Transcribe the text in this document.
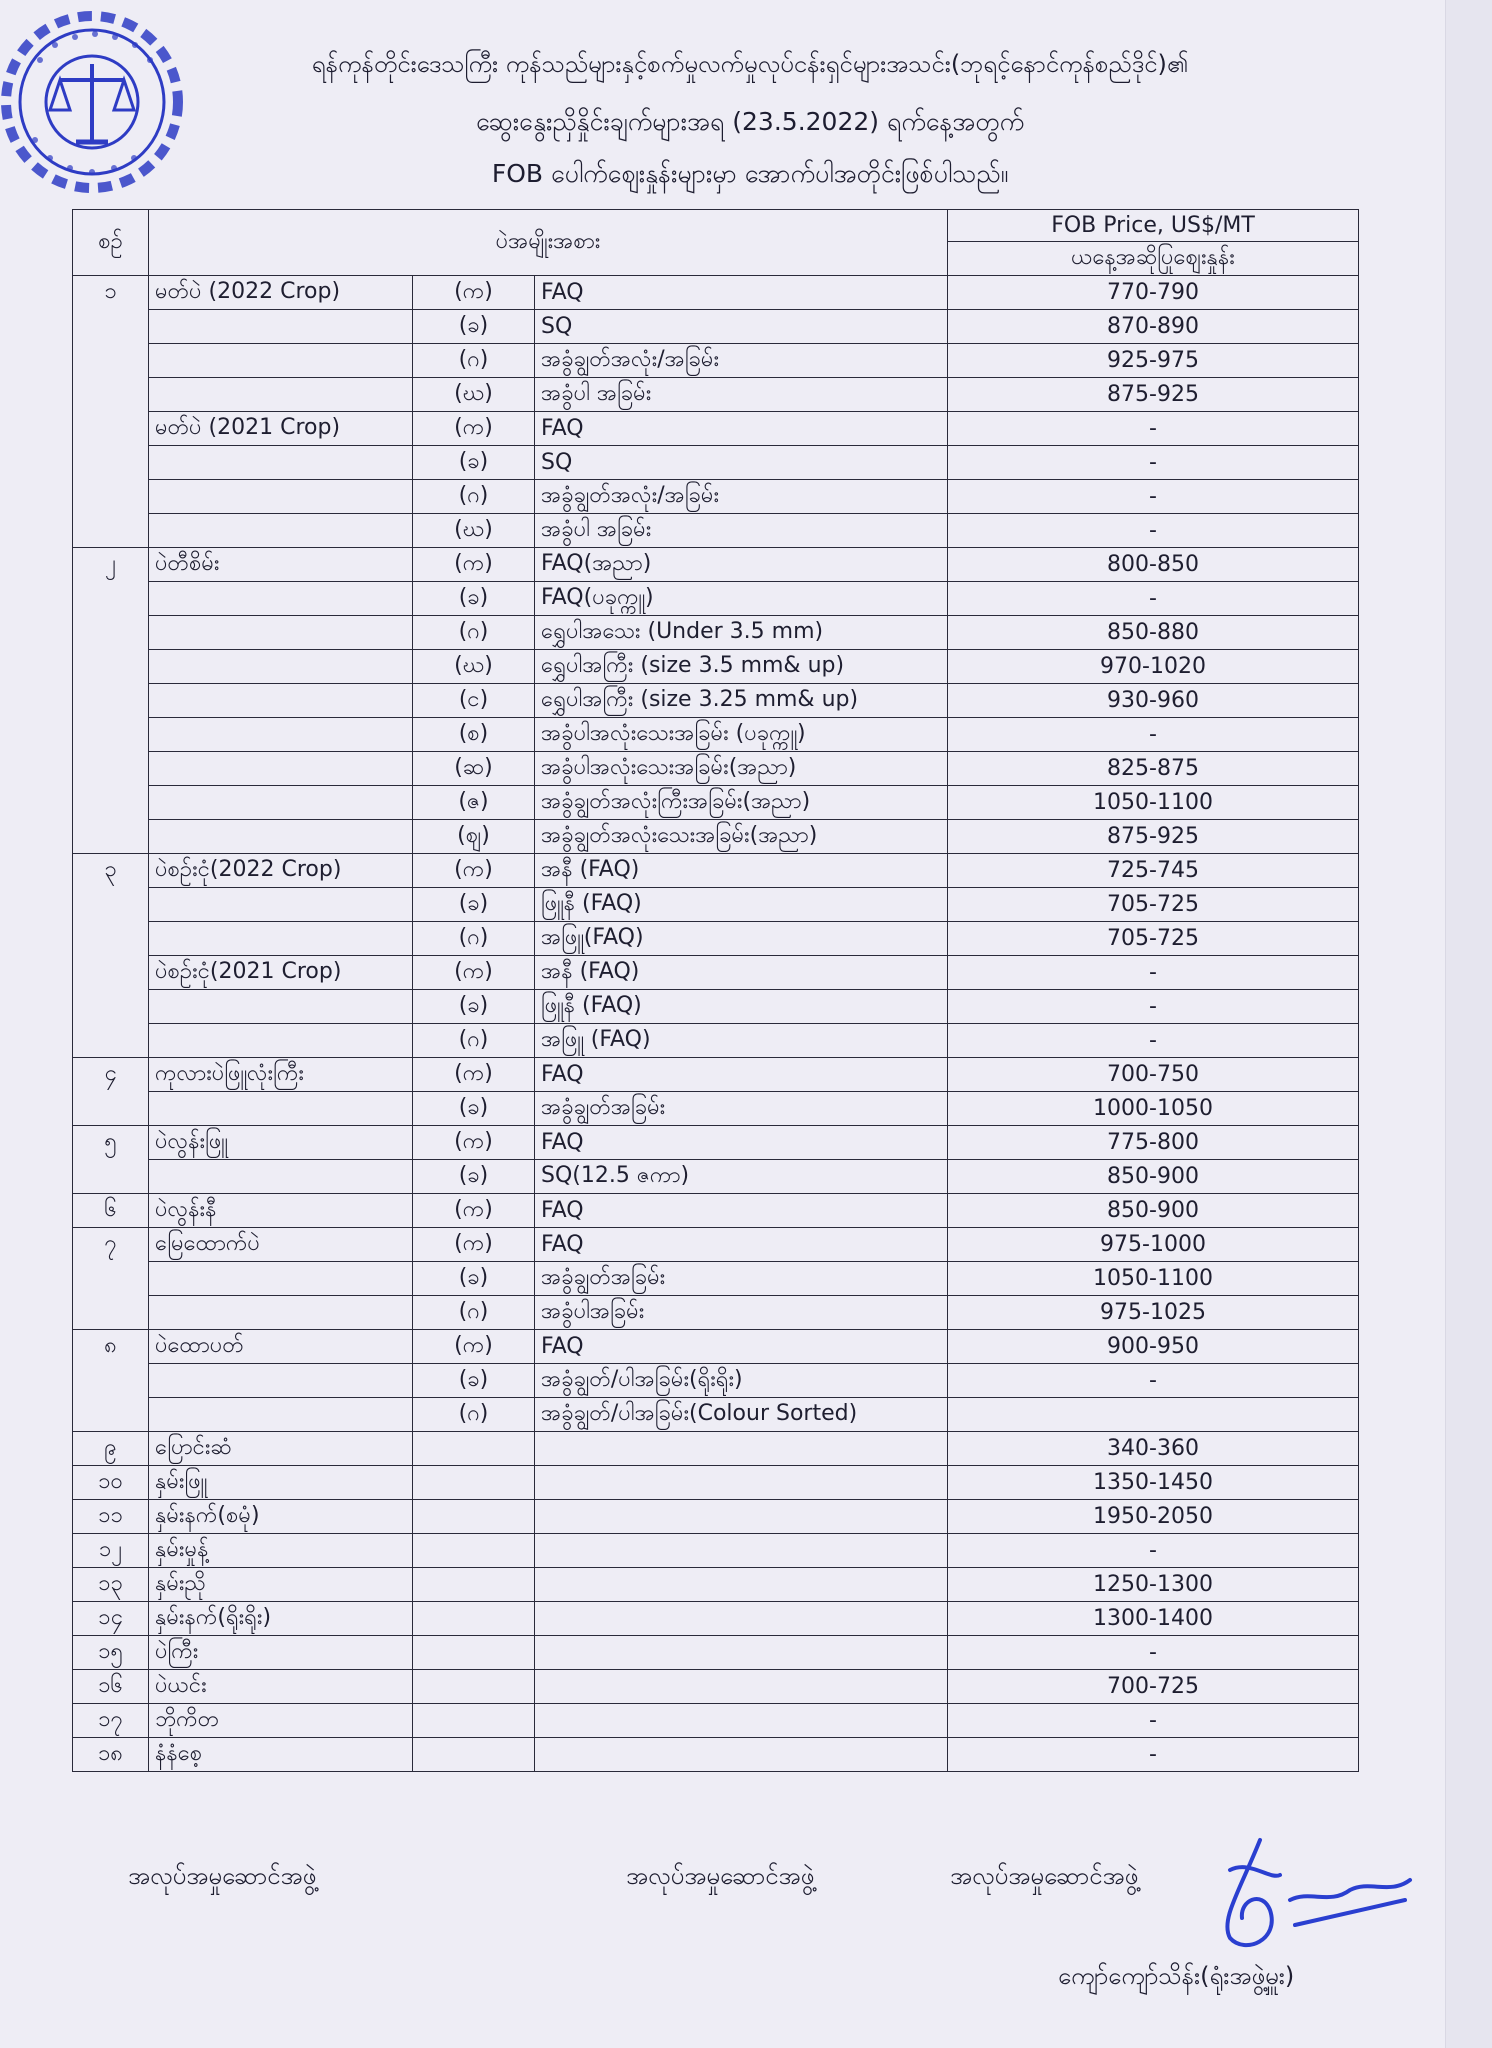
ရန်ကုန်တိုင်းဒေသကြီး ကုန်သည်များနှင့်စက်မှုလက်မှုလုပ်ငန်းရှင်များအသင်း(ဘုရင့်နောင်ကုန်စည်ဒိုင်)၏
ဆွေးနွေးညှိနှိုင်းချက်များအရ (23.5.2022) ရက်နေ့အတွက်
FOB ပေါက်ဈေးနှုန်းများမှာ အောက်ပါအတိုင်းဖြစ်ပါသည်။
စဉ်	ပဲအမျိုးအစား			FOB Price, US$/MT
				ယနေ့အဆိုပြုဈေးနှုန်း
၁	မတ်ပဲ (2022 Crop)	(က)	FAQ	770-790
		(ခ)	SQ	870-890
		(ဂ)	အခွံချွတ်အလုံး/အခြမ်း	925-975
		(ဃ)	အခွံပါ အခြမ်း	875-925
	မတ်ပဲ (2021 Crop)	(က)	FAQ	-
		(ခ)	SQ	-
		(ဂ)	အခွံချွတ်အလုံး/အခြမ်း	-
		(ဃ)	အခွံပါ အခြမ်း	-
၂	ပဲတီစိမ်း	(က)	FAQ(အညာ)	800-850
		(ခ)	FAQ(ပခုက္ကူ)	-
		(ဂ)	ရွှေပါအသေး (Under 3.5 mm)	850-880
		(ဃ)	ရွှေပါအကြီး (size 3.5 mm& up)	970-1020
		(င)	ရွှေပါအကြီး (size 3.25 mm& up)	930-960
		(စ)	အခွံပါအလုံးသေးအခြမ်း (ပခုက္ကူ)	-
		(ဆ)	အခွံပါအလုံးသေးအခြမ်း(အညာ)	825-875
		(ဇ)	အခွံချွတ်အလုံးကြီးအခြမ်း(အညာ)	1050-1100
		(ဈ)	အခွံချွတ်အလုံးသေးအခြမ်း(အညာ)	875-925
၃	ပဲစဉ်းငုံ(2022 Crop)	(က)	အနီ (FAQ)	725-745
		(ခ)	ဖြူနီ (FAQ)	705-725
		(ဂ)	အဖြူ(FAQ)	705-725
	ပဲစဉ်းငုံ(2021 Crop)	(က)	အနီ (FAQ)	-
		(ခ)	ဖြူနီ (FAQ)	-
		(ဂ)	အဖြူ (FAQ)	-
၄	ကုလားပဲဖြူလုံးကြီး	(က)	FAQ	700-750
		(ခ)	အခွံချွတ်အခြမ်း	1000-1050
၅	ပဲလွန်းဖြူ	(က)	FAQ	775-800
		(ခ)	SQ(12.5 ဇကာ)	850-900
၆	ပဲလွန်းနီ	(က)	FAQ	850-900
၇	မြေထောက်ပဲ	(က)	FAQ	975-1000
		(ခ)	အခွံချွတ်အခြမ်း	1050-1100
		(ဂ)	အခွံပါအခြမ်း	975-1025
၈	ပဲထောပတ်	(က)	FAQ	900-950
		(ခ)	အခွံချွတ်/ပါအခြမ်း(ရိုးရိုး)	-
		(ဂ)	အခွံချွတ်/ပါအခြမ်း(Colour Sorted)	
၉	ပြောင်းဆံ			340-360
၁၀	နှမ်းဖြူ			1350-1450
၁၁	နှမ်းနက်(စမုံ)			1950-2050
၁၂	နှမ်းမှုန့်			-
၁၃	နှမ်းညို			1250-1300
၁၄	နှမ်းနက်(ရိုးရိုး)			1300-1400
၁၅	ပဲကြီး			-
၁၆	ပဲယင်း			700-725
၁၇	ဘိုကိတ			-
၁၈	နံနံစေ့			-
အလုပ်အမှုဆောင်အဖွဲ့	အလုပ်အမှုဆောင်အဖွဲ့	အလုပ်အမှုဆောင်အဖွဲ့
ကျော်ကျော်သိန်း(ရုံးအဖွဲ့မှူး)
